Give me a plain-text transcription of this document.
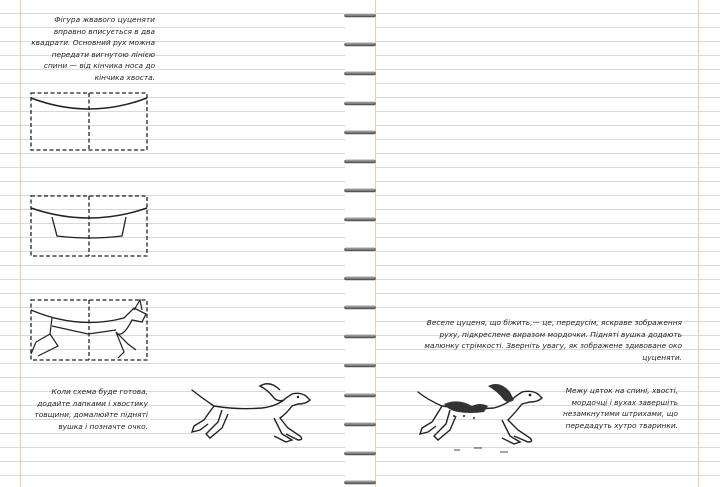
Фігура жвавого цуценяти вправно вписується в два квадрати. Основний рух можна передати вигнутою лінією спини — від кінчика носа до кінчика хвоста.
Коли схема буде готова, додайте лапками і хвостику товщини, домалюйте підняті вушка і позначте очко.
Веселе цуценя, що біжить,— це, передусім, яскраве зображення руху, підкреслене виразом мордочки. Підняті вушка додають малюнку стрімкості. Зверніть увагу, як зображене здивоване око цуценяти.
Межу цяток на спині, хвості, мордочці і вухах завершіть незамкнутими штрихами, що передадуть хутро тваринки.
